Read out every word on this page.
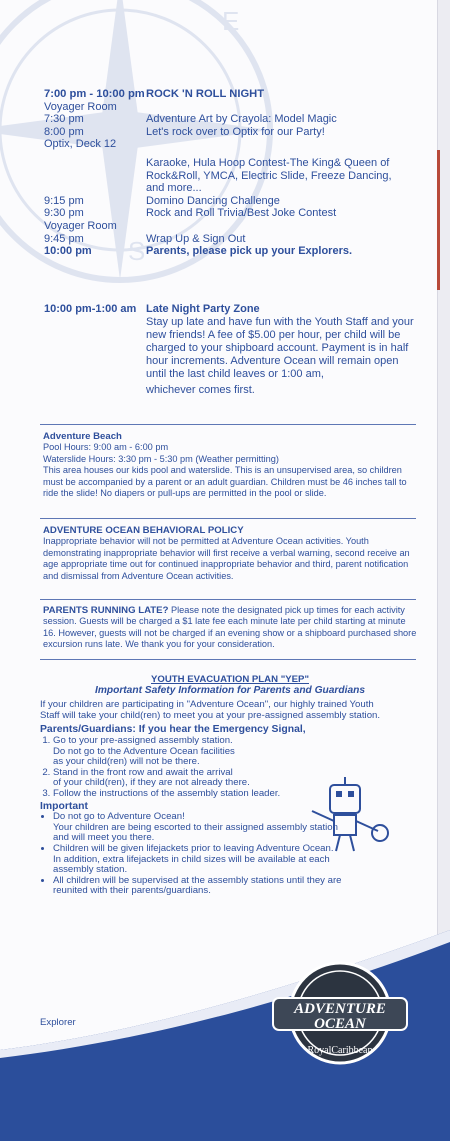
E
S
7:00 pm - 10:00 pm ROCK 'N ROLL NIGHT
Voyager Room
7:30 pm	Adventure Art by Crayola: Model Magic
8:00 pm	Let's rock over to Optix for our Party!
Optix, Deck 12
Karaoke, Hula Hoop Contest-The King& Queen of Rock&Roll, YMCA, Electric Slide, Freeze Dancing, and more...
9:15 pm	Domino Dancing Challenge
9:30 pm	Rock and Roll Trivia/Best Joke Contest
Voyager Room
9:45 pm	Wrap Up & Sign Out
10:00 pm	Parents, please pick up your Explorers.
10:00 pm-1:00 am Late Night Party Zone
Stay up late and have fun with the Youth Staff and your new friends! A fee of $5.00 per hour, per child will be charged to your shipboard account. Payment is in half hour increments. Adventure Ocean will remain open until the last child leaves or 1:00 am,
whichever comes first.
Adventure Beach
Pool Hours: 9:00 am - 6:00 pm
Waterslide Hours: 3:30 pm - 5:30 pm (Weather permitting)
This area houses our kids pool and waterslide. This is an unsupervised area, so children must be accompanied by a parent or an adult guardian. Children must be 46 inches tall to ride the slide! No diapers or pull-ups are permitted in the pool or slide.
ADVENTURE OCEAN BEHAVIORAL POLICY
Inappropriate behavior will not be permitted at Adventure Ocean activities. Youth demonstrating inappropriate behavior will first receive a verbal warning, second receive an age appropriate time out for continued inappropriate behavior and third, parent notification and dismissal from Adventure Ocean activities.
PARENTS RUNNING LATE? Please note the designated pick up times for each activity session. Guests will be charged a $1 late fee each minute late per child starting at minute 16. However, guests will not be charged if an evening show or a shipboard purchased shore excursion runs late. We thank you for your consideration.
YOUTH EVACUATION PLAN "YEP"
Important Safety Information for Parents and Guardians
If your children are participating in "Adventure Ocean", our highly trained Youth Staff will take your child(ren) to meet you at your pre-assigned assembly station.
Parents/Guardians: If you hear the Emergency Signal,
1. Go to your pre-assigned assembly station.
Do not go to the Adventure Ocean facilities
as your child(ren) will not be there.
2. Stand in the front row and await the arrival
of your child(ren), if they are not already there.
3. Follow the instructions of the assembly station leader.
Important
• Do not go to Adventure Ocean!
Your children are being escorted to their assigned assembly station
and will meet you there.
• Children will be given lifejackets prior to leaving Adventure Ocean.
In addition, extra lifejackets in child sizes will be available at each
assembly station.
• All children will be supervised at the assembly stations until they are
reunited with their parents/guardians.
Explorer
ADVENTURE
OCEAN
RoyalCaribbean
